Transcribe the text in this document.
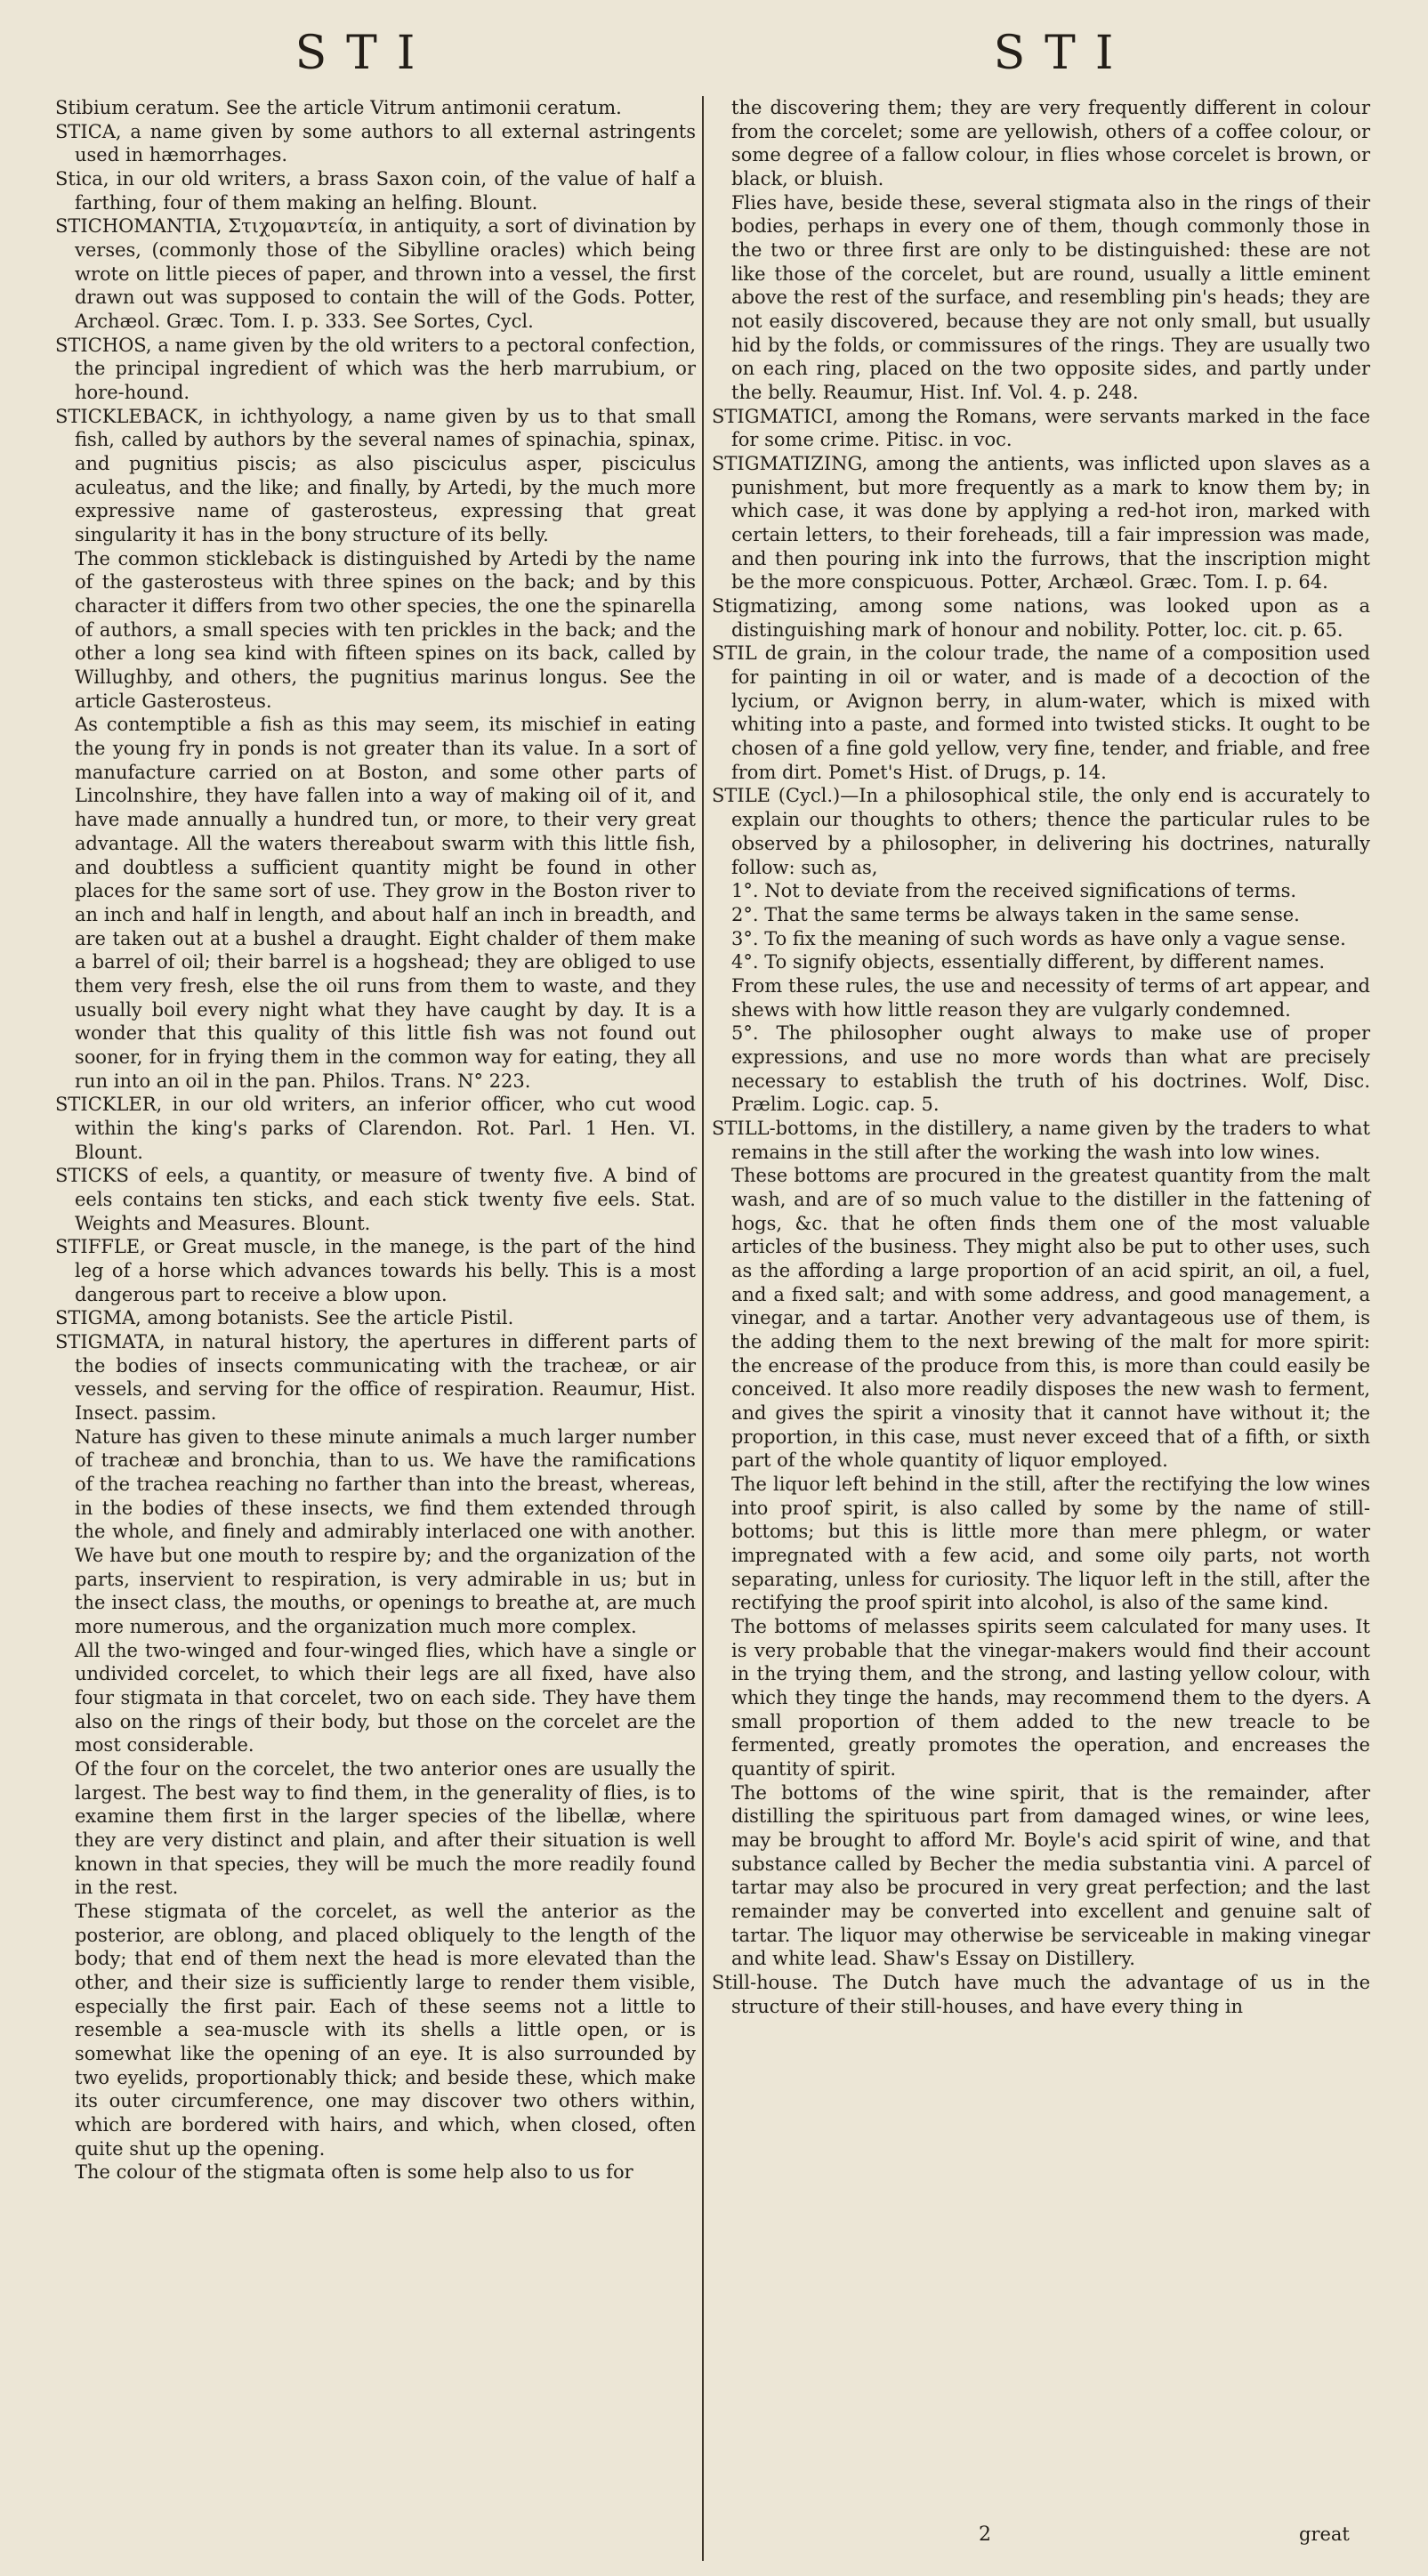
STI	STI

Stibium ceratum. See the article Vitrum antimonii ceratum.

STICA, a name given by some authors to all external astringents used in hæmorrhages.

Stica, in our old writers, a brass Saxon coin, of the value of half a farthing, four of them making an helfing. Blount.

STICHOMANTIA, Στιχομαντεία, in antiquity, a sort of divination by verses, (commonly those of the Sibylline oracles) which being wrote on little pieces of paper, and thrown into a vessel, the first drawn out was supposed to contain the will of the Gods. Potter, Archæol. Græc. Tom. I. p. 333. See Sortes, Cycl.

STICHOS, a name given by the old writers to a pectoral confection, the principal ingredient of which was the herb marrubium, or hore-hound.

STICKLEBACK, in ichthyology, a name given by us to that small fish, called by authors by the several names of spinachia, spinax, and pugnitius piscis; as also pisciculus asper, pisciculus aculeatus, and the like; and finally, by Artedi, by the much more expressive name of gasterosteus, expressing that great singularity it has in the bony structure of its belly.

The common stickleback is distinguished by Artedi by the name of the gasterosteus with three spines on the back; and by this character it differs from two other species, the one the spinarella of authors, a small species with ten prickles in the back; and the other a long sea kind with fifteen spines on its back, called by Willughby, and others, the pugnitius marinus longus. See the article Gasterosteus.

As contemptible a fish as this may seem, its mischief in eating the young fry in ponds is not greater than its value. In a sort of manufacture carried on at Boston, and some other parts of Lincolnshire, they have fallen into a way of making oil of it, and have made annually a hundred tun, or more, to their very great advantage. All the waters thereabout swarm with this little fish, and doubtless a sufficient quantity might be found in other places for the same sort of use. They grow in the Boston river to an inch and half in length, and about half an inch in breadth, and are taken out at a bushel a draught. Eight chalder of them make a barrel of oil; their barrel is a hogshead; they are obliged to use them very fresh, else the oil runs from them to waste, and they usually boil every night what they have caught by day. It is a wonder that this quality of this little fish was not found out sooner, for in frying them in the common way for eating, they all run into an oil in the pan. Philos. Trans. N° 223.

STICKLER, in our old writers, an inferior officer, who cut wood within the king's parks of Clarendon. Rot. Parl. 1 Hen. VI. Blount.

STICKS of eels, a quantity, or measure of twenty five. A bind of eels contains ten sticks, and each stick twenty five eels. Stat. Weights and Measures. Blount.

STIFFLE, or Great muscle, in the manege, is the part of the hind leg of a horse which advances towards his belly. This is a most dangerous part to receive a blow upon.

STIGMA, among botanists. See the article Pistil.

STIGMATA, in natural history, the apertures in different parts of the bodies of insects communicating with the tracheæ, or air vessels, and serving for the office of respiration. Reaumur, Hist. Insect. passim.

Nature has given to these minute animals a much larger number of tracheæ and bronchia, than to us. We have the ramifications of the trachea reaching no farther than into the breast, whereas, in the bodies of these insects, we find them extended through the whole, and finely and admirably interlaced one with another. We have but one mouth to respire by; and the organization of the parts, inservient to respiration, is very admirable in us; but in the insect class, the mouths, or openings to breathe at, are much more numerous, and the organization much more complex.

All the two-winged and four-winged flies, which have a single or undivided corcelet, to which their legs are all fixed, have also four stigmata in that corcelet, two on each side. They have them also on the rings of their body, but those on the corcelet are the most considerable.

Of the four on the corcelet, the two anterior ones are usually the largest. The best way to find them, in the generality of flies, is to examine them first in the larger species of the libellæ, where they are very distinct and plain, and after their situation is well known in that species, they will be much the more readily found in the rest.

These stigmata of the corcelet, as well the anterior as the posterior, are oblong, and placed obliquely to the length of the body; that end of them next the head is more elevated than the other, and their size is sufficiently large to render them visible, especially the first pair. Each of these seems not a little to resemble a sea-muscle with its shells a little open, or is somewhat like the opening of an eye. It is also surrounded by two eyelids, proportionably thick; and beside these, which make its outer circumference, one may discover two others within, which are bordered with hairs, and which, when closed, often quite shut up the opening.

The colour of the stigmata often is some help also to us for

the discovering them; they are very frequently different in colour from the corcelet; some are yellowish, others of a coffee colour, or some degree of a fallow colour, in flies whose corcelet is brown, or black, or bluish.

Flies have, beside these, several stigmata also in the rings of their bodies, perhaps in every one of them, though commonly those in the two or three first are only to be distinguished: these are not like those of the corcelet, but are round, usually a little eminent above the rest of the surface, and resembling pin's heads; they are not easily discovered, because they are not only small, but usually hid by the folds, or commissures of the rings. They are usually two on each ring, placed on the two opposite sides, and partly under the belly. Reaumur, Hist. Inf. Vol. 4. p. 248.

STIGMATICI, among the Romans, were servants marked in the face for some crime. Pitisc. in voc.

STIGMATIZING, among the antients, was inflicted upon slaves as a punishment, but more frequently as a mark to know them by; in which case, it was done by applying a red-hot iron, marked with certain letters, to their foreheads, till a fair impression was made, and then pouring ink into the furrows, that the inscription might be the more conspicuous. Potter, Archæol. Græc. Tom. I. p. 64.

Stigmatizing, among some nations, was looked upon as a distinguishing mark of honour and nobility. Potter, loc. cit. p. 65.

STIL de grain, in the colour trade, the name of a composition used for painting in oil or water, and is made of a decoction of the lycium, or Avignon berry, in alum-water, which is mixed with whiting into a paste, and formed into twisted sticks. It ought to be chosen of a fine gold yellow, very fine, tender, and friable, and free from dirt. Pomet's Hist. of Drugs, p. 14.

STILE (Cycl.)—In a philosophical stile, the only end is accurately to explain our thoughts to others; thence the particular rules to be observed by a philosopher, in delivering his doctrines, naturally follow: such as,

1°. Not to deviate from the received significations of terms.

2°. That the same terms be always taken in the same sense.

3°. To fix the meaning of such words as have only a vague sense.

4°. To signify objects, essentially different, by different names.

From these rules, the use and necessity of terms of art appear, and shews with how little reason they are vulgarly condemned.

5°. The philosopher ought always to make use of proper expressions, and use no more words than what are precisely necessary to establish the truth of his doctrines. Wolf, Disc. Prælim. Logic. cap. 5.

STILL-bottoms, in the distillery, a name given by the traders to what remains in the still after the working the wash into low wines.

These bottoms are procured in the greatest quantity from the malt wash, and are of so much value to the distiller in the fattening of hogs, &c. that he often finds them one of the most valuable articles of the business. They might also be put to other uses, such as the affording a large proportion of an acid spirit, an oil, a fuel, and a fixed salt; and with some address, and good management, a vinegar, and a tartar. Another very advantageous use of them, is the adding them to the next brewing of the malt for more spirit: the encrease of the produce from this, is more than could easily be conceived. It also more readily disposes the new wash to ferment, and gives the spirit a vinosity that it cannot have without it; the proportion, in this case, must never exceed that of a fifth, or sixth part of the whole quantity of liquor employed.

The liquor left behind in the still, after the rectifying the low wines into proof spirit, is also called by some by the name of still-bottoms; but this is little more than mere phlegm, or water impregnated with a few acid, and some oily parts, not worth separating, unless for curiosity. The liquor left in the still, after the rectifying the proof spirit into alcohol, is also of the same kind.

The bottoms of melasses spirits seem calculated for many uses. It is very probable that the vinegar-makers would find their account in the trying them, and the strong, and lasting yellow colour, with which they tinge the hands, may recommend them to the dyers. A small proportion of them added to the new treacle to be fermented, greatly promotes the operation, and encreases the quantity of spirit.

The bottoms of the wine spirit, that is the remainder, after distilling the spirituous part from damaged wines, or wine lees, may be brought to afford Mr. Boyle's acid spirit of wine, and that substance called by Becher the media substantia vini. A parcel of tartar may also be procured in very great perfection; and the last remainder may be converted into excellent and genuine salt of tartar. The liquor may otherwise be serviceable in making vinegar and white lead. Shaw's Essay on Distillery.

Still-house. The Dutch have much the advantage of us in the structure of their still-houses, and have every thing in

2	great
